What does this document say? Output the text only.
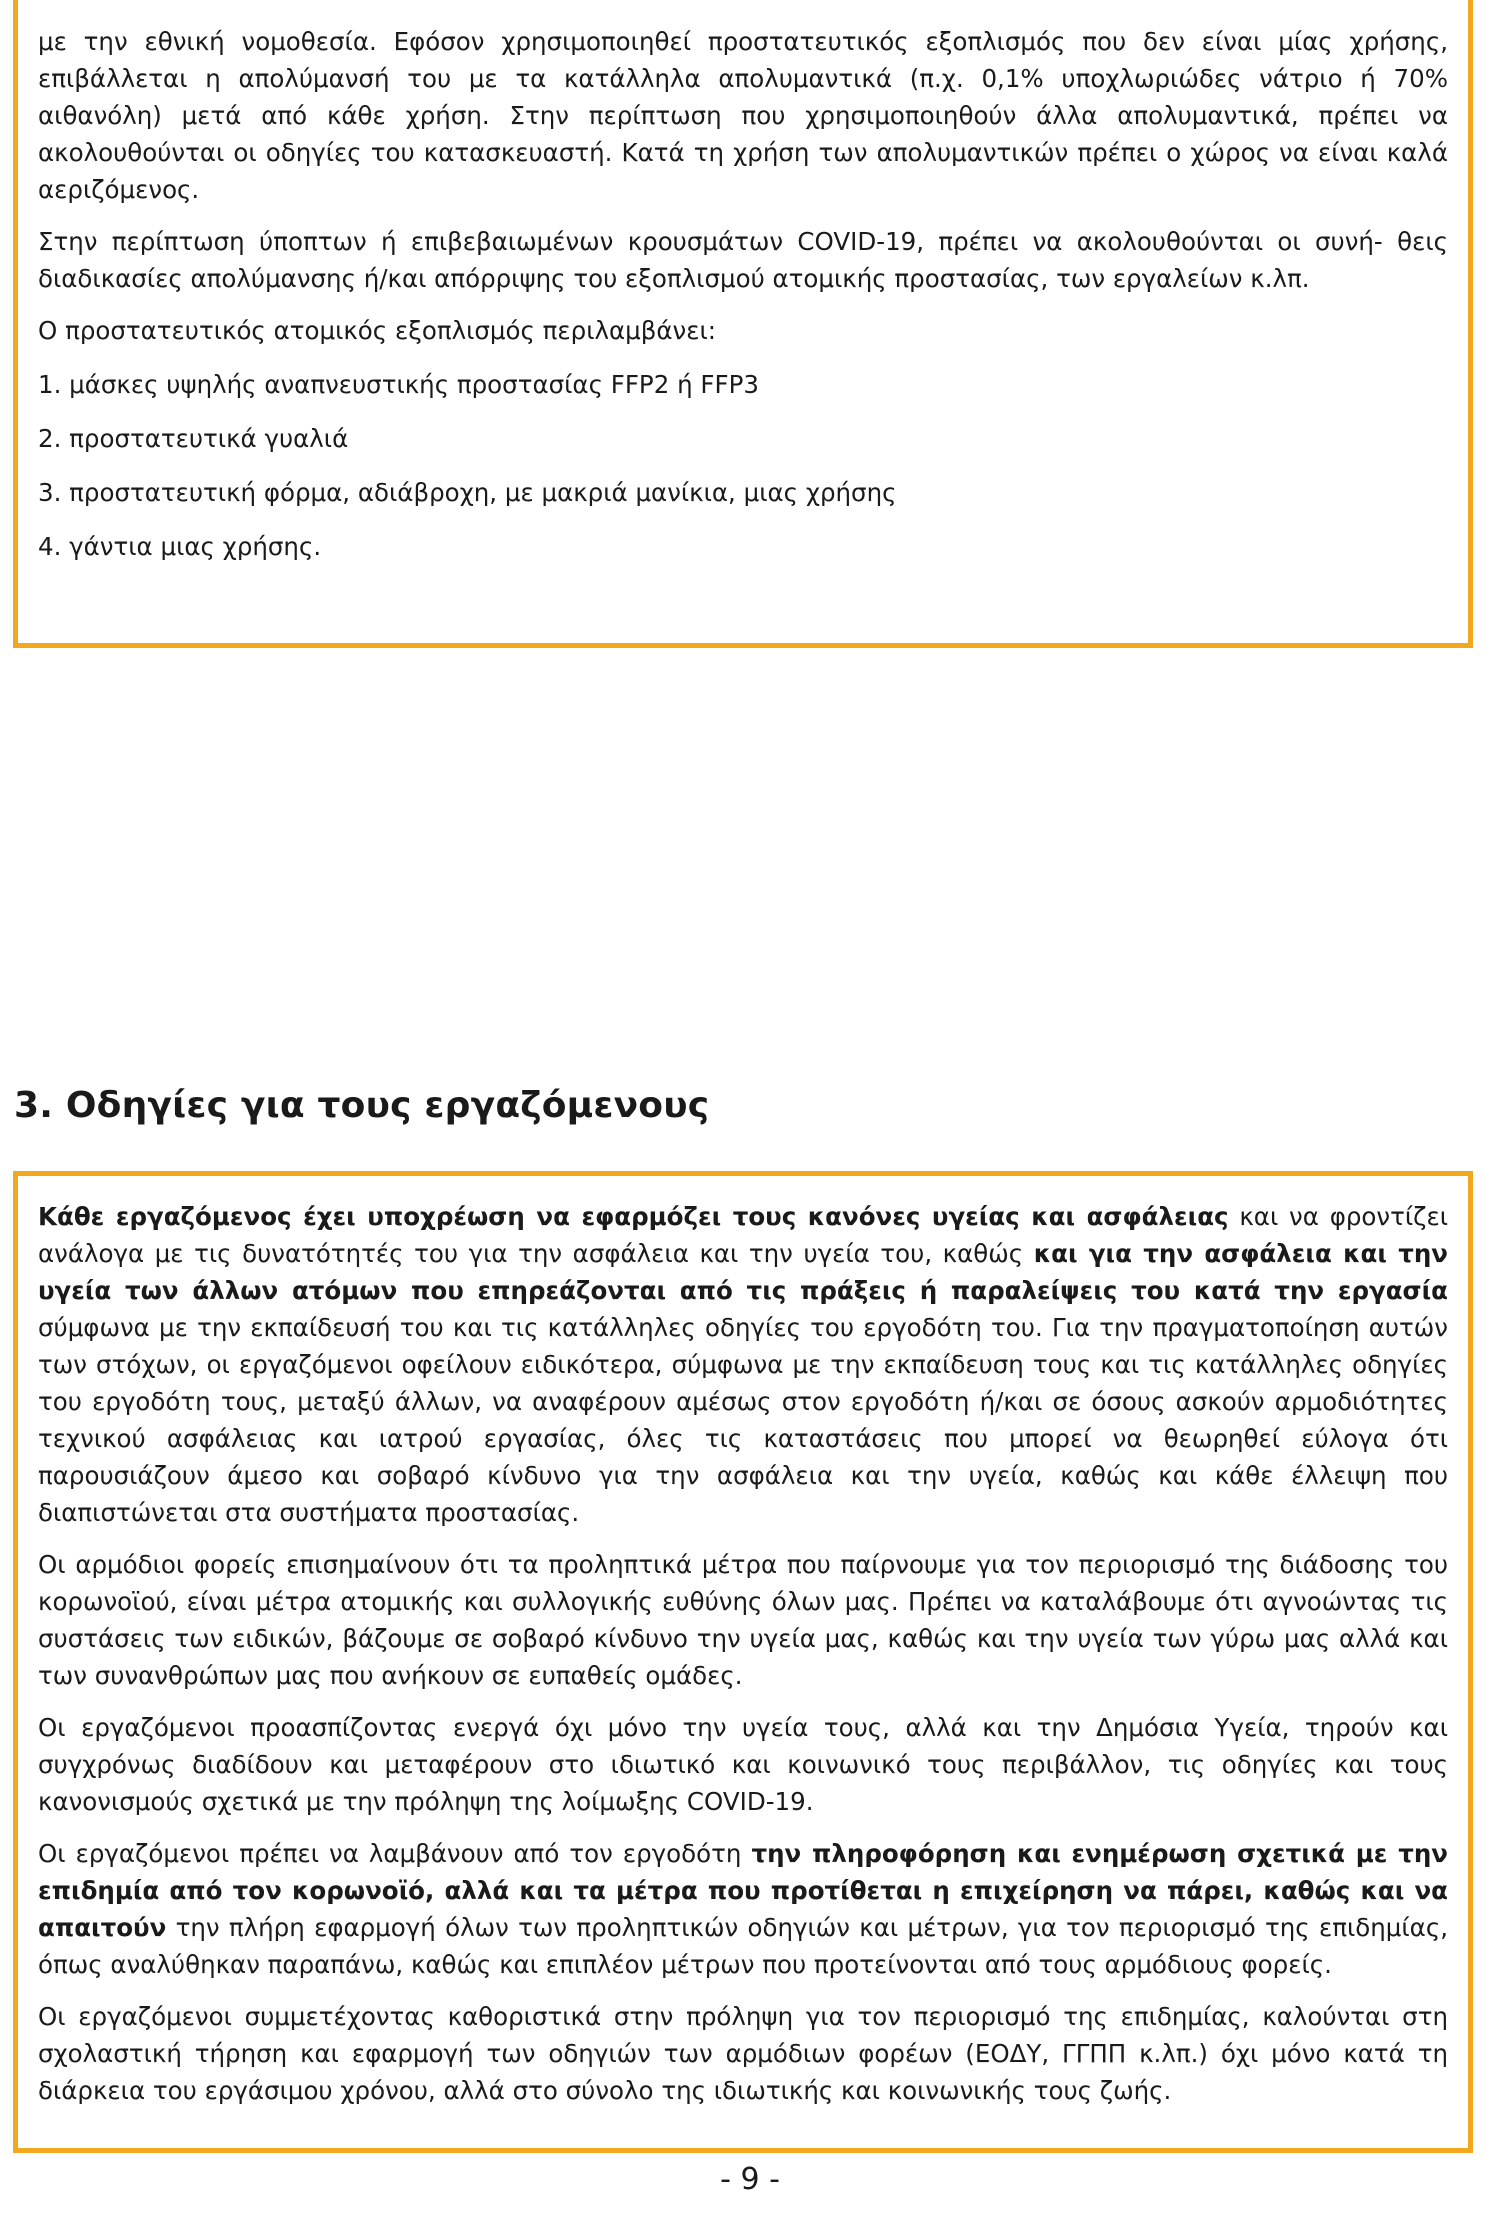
με την εθνική νομοθεσία. Εφόσον χρησιμοποιηθεί προστατευτικός εξοπλισμός που δεν είναι μίας χρήσης, επιβάλλεται η απολύμανσή του με τα κατάλληλα απολυμαντικά (π.χ. 0,1% υποχλωριώδες νάτριο ή 70% αιθανόλη) μετά από κάθε χρήση. Στην περίπτωση που χρησιμοποιηθούν άλλα απολυμαντικά, πρέπει να ακολουθούνται οι οδηγίες του κατασκευαστή. Κατά τη χρήση των απολυμαντικών πρέπει ο χώρος να είναι καλά αεριζόμενος.

Στην περίπτωση ύποπτων ή επιβεβαιωμένων κρουσμάτων COVID-19, πρέπει να ακολουθούνται οι συνή- θεις διαδικασίες απολύμανσης ή/και απόρριψης του εξοπλισμού ατομικής προστασίας, των εργαλείων κ.λπ.

Ο προστατευτικός ατομικός εξοπλισμός περιλαμβάνει:
1. μάσκες υψηλής αναπνευστικής προστασίας FFP2 ή FFP3
2. προστατευτικά γυαλιά
3. προστατευτική φόρμα, αδιάβροχη, με μακριά μανίκια, μιας χρήσης
4. γάντια μιας χρήσης.
3. Οδηγίες για τους εργαζόμενους

Κάθε εργαζόμενος έχει υποχρέωση να εφαρμόζει τους κανόνες υγείας και ασφάλειας και να φροντίζει ανάλογα με τις δυνατότητές του για την ασφάλεια και την υγεία του, καθώς και για την ασφάλεια και την υγεία των άλλων ατόμων που επηρεάζονται από τις πράξεις ή παραλείψεις του κατά την εργασία σύμφωνα με την εκπαίδευσή του και τις κατάλληλες οδηγίες του εργοδότη του. Για την πραγματοποίηση αυτών των στόχων, οι εργαζόμενοι οφείλουν ειδικότερα, σύμφωνα με την εκπαίδευση τους και τις κατάλληλες οδηγίες του εργοδότη τους, μεταξύ άλλων, να αναφέρουν αμέσως στον εργοδότη ή/και σε όσους ασκούν αρμοδιότητες τεχνικού ασφάλειας και ιατρού εργασίας, όλες τις καταστάσεις που μπορεί να θεωρηθεί εύλογα ότι παρουσιάζουν άμεσο και σοβαρό κίνδυνο για την ασφάλεια και την υγεία, καθώς και κάθε έλλειψη που διαπιστώνεται στα συστήματα προστασίας.

Οι αρμόδιοι φορείς επισημαίνουν ότι τα προληπτικά μέτρα που παίρνουμε για τον περιορισμό της διάδοσης του κορωνοϊού, είναι μέτρα ατομικής και συλλογικής ευθύνης όλων μας. Πρέπει να καταλάβουμε ότι αγνοώντας τις συστάσεις των ειδικών, βάζουμε σε σοβαρό κίνδυνο την υγεία μας, καθώς και την υγεία των γύρω μας αλλά και των συνανθρώπων μας που ανήκουν σε ευπαθείς ομάδες.

Οι εργαζόμενοι προασπίζοντας ενεργά όχι μόνο την υγεία τους, αλλά και την Δημόσια Υγεία, τηρούν και συγχρόνως διαδίδουν και μεταφέρουν στο ιδιωτικό και κοινωνικό τους περιβάλλον, τις οδηγίες και τους κανονισμούς σχετικά με την πρόληψη της λοίμωξης COVID-19.

Οι εργαζόμενοι πρέπει να λαμβάνουν από τον εργοδότη την πληροφόρηση και ενημέρωση σχετικά με την επιδημία από τον κορωνοϊό, αλλά και τα μέτρα που προτίθεται η επιχείρηση να πάρει, καθώς και να απαιτούν την πλήρη εφαρμογή όλων των προληπτικών οδηγιών και μέτρων, για τον περιορισμό της επιδημίας, όπως αναλύθηκαν παραπάνω, καθώς και επιπλέον μέτρων που προτείνονται από τους αρμόδιους φορείς.

Οι εργαζόμενοι συμμετέχοντας καθοριστικά στην πρόληψη για τον περιορισμό της επιδημίας, καλούνται στη σχολαστική τήρηση και εφαρμογή των οδηγιών των αρμόδιων φορέων (ΕΟΔΥ, ΓΓΠΠ κ.λπ.) όχι μόνο κατά τη διάρκεια του εργάσιμου χρόνου, αλλά στο σύνολο της ιδιωτικής και κοινωνικής τους ζωής.

- 9 -
